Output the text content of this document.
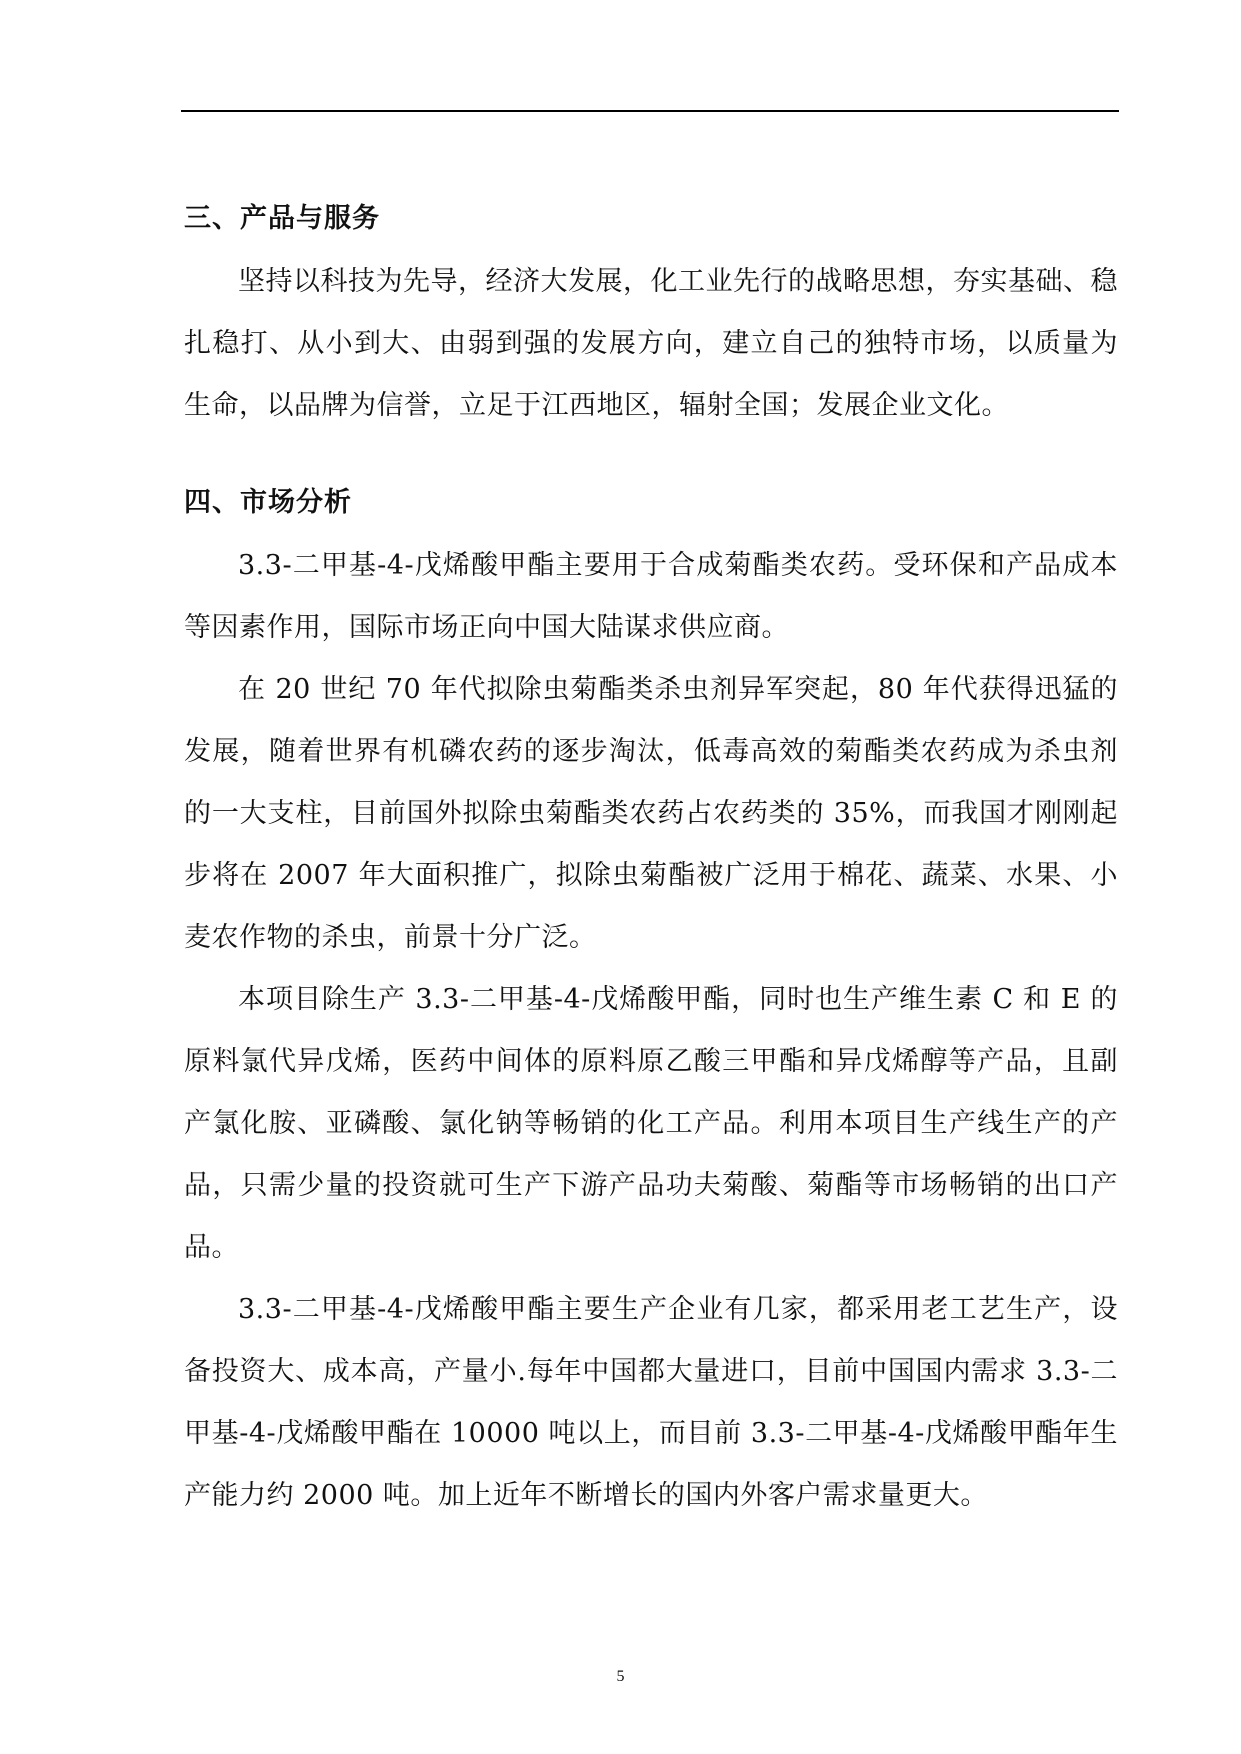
三、产品与服务

坚持以科技为先导，经济大发展，化工业先行的战略思想，夯实基础、稳扎稳打、从小到大、由弱到强的发展方向，建立自己的独特市场，以质量为生命，以品牌为信誉，立足于江西地区，辐射全国；发展企业文化。

四、市场分析

3.3-二甲基-4-戊烯酸甲酯主要用于合成菊酯类农药。受环保和产品成本等因素作用，国际市场正向中国大陆谋求供应商。

在 20 世纪 70 年代拟除虫菊酯类杀虫剂异军突起，80 年代获得迅猛的发展，随着世界有机磷农药的逐步淘汰，低毒高效的菊酯类农药成为杀虫剂的一大支柱，目前国外拟除虫菊酯类农药占农药类的 35%，而我国才刚刚起步将在 2007 年大面积推广，拟除虫菊酯被广泛用于棉花、蔬菜、水果、小麦农作物的杀虫，前景十分广泛。

本项目除生产 3.3-二甲基-4-戊烯酸甲酯，同时也生产维生素 C 和 E 的原料氯代异戊烯，医药中间体的原料原乙酸三甲酯和异戊烯醇等产品，且副产氯化胺、亚磷酸、氯化钠等畅销的化工产品。利用本项目生产线生产的产品，只需少量的投资就可生产下游产品功夫菊酸、菊酯等市场畅销的出口产品。

3.3-二甲基-4-戊烯酸甲酯主要生产企业有几家，都采用老工艺生产，设备投资大、成本高，产量小.每年中国都大量进口，目前中国国内需求 3.3-二甲基-4-戊烯酸甲酯在 10000 吨以上，而目前 3.3-二甲基-4-戊烯酸甲酯年生产能力约 2000 吨。加上近年不断增长的国内外客户需求量更大。

5
